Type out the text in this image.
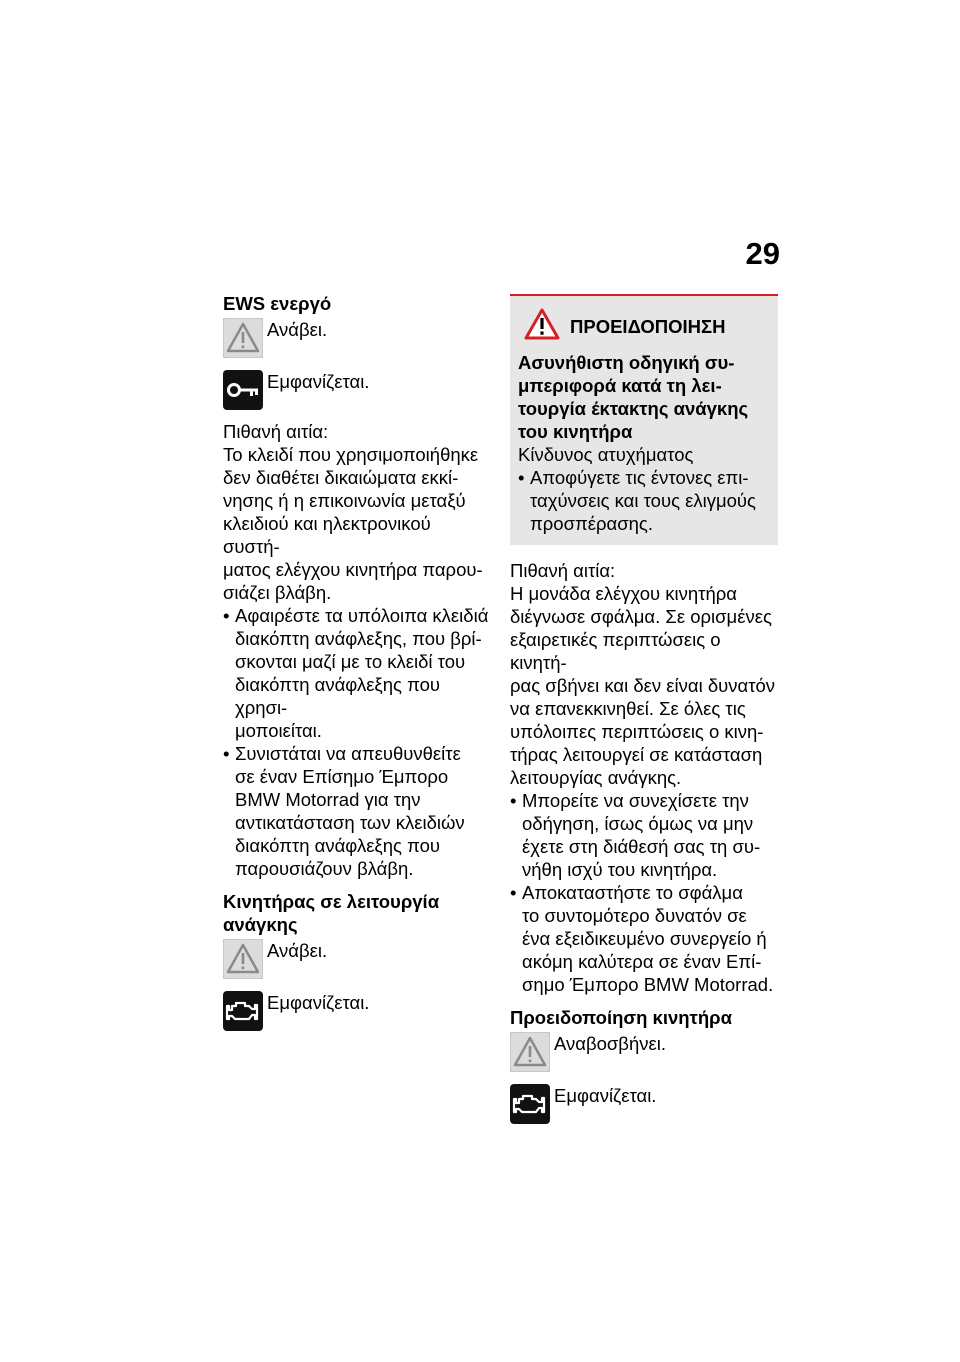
29

EWS ενεργό

Ανάβει.
Εμφανίζεται.

Πιθανή αιτία:

Το κλειδί που χρησιμοποιήθηκε

δεν διαθέτει δικαιώματα εκκί-

νησης ή η επικοινωνία μεταξύ

κλειδιού και ηλεκτρονικού συστή-

ματος ελέγχου κινητήρα παρου-

σιάζει βλάβη.

• Αφαιρέστε τα υπόλοιπα κλειδιά
διακόπτη ανάφλεξης, που βρί-
σκονται μαζί με το κλειδί του
διακόπτη ανάφλεξης που χρησι-
μοποιείται.
• Συνιστάται να απευθυνθείτε
σε έναν Επίσημο Έμπορο
BMW Motorrad για την
αντικατάσταση των κλειδιών
διακόπτη ανάφλεξης που
παρουσιάζουν βλάβη.

Κινητήρας σε λειτουργία

ανάγκης

Ανάβει.
Εμφανίζεται.
ΠΡΟΕΙΔΟΠΟΙΗΣΗ
Ασυνήθιστη οδηγική συ-
μπεριφορά κατά τη λει-
τουργία έκτακτης ανάγκης
του κινητήρα

Κίνδυνος ατυχήματος

• Αποφύγετε τις έντονες επι-
ταχύνσεις και τους ελιγμούς
προσπέρασης.

Πιθανή αιτία:

Η μονάδα ελέγχου κινητήρα

διέγνωσε σφάλμα. Σε ορισμένες

εξαιρετικές περιπτώσεις ο κινητή-

ρας σβήνει και δεν είναι δυνατόν

να επανεκκινηθεί. Σε όλες τις

υπόλοιπες περιπτώσεις ο κινη-

τήρας λειτουργεί σε κατάσταση

λειτουργίας ανάγκης.

• Μπορείτε να συνεχίσετε την
οδήγηση, ίσως όμως να μην
έχετε στη διάθεσή σας τη συ-
νήθη ισχύ του κινητήρα.
• Αποκαταστήστε το σφάλμα
το συντομότερο δυνατόν σε
ένα εξειδικευμένο συνεργείο ή
ακόμη καλύτερα σε έναν Επί-
σημο Έμπορο BMW Motorrad.

Προειδοποίηση κινητήρα

Αναβοσβήνει.
Εμφανίζεται.
